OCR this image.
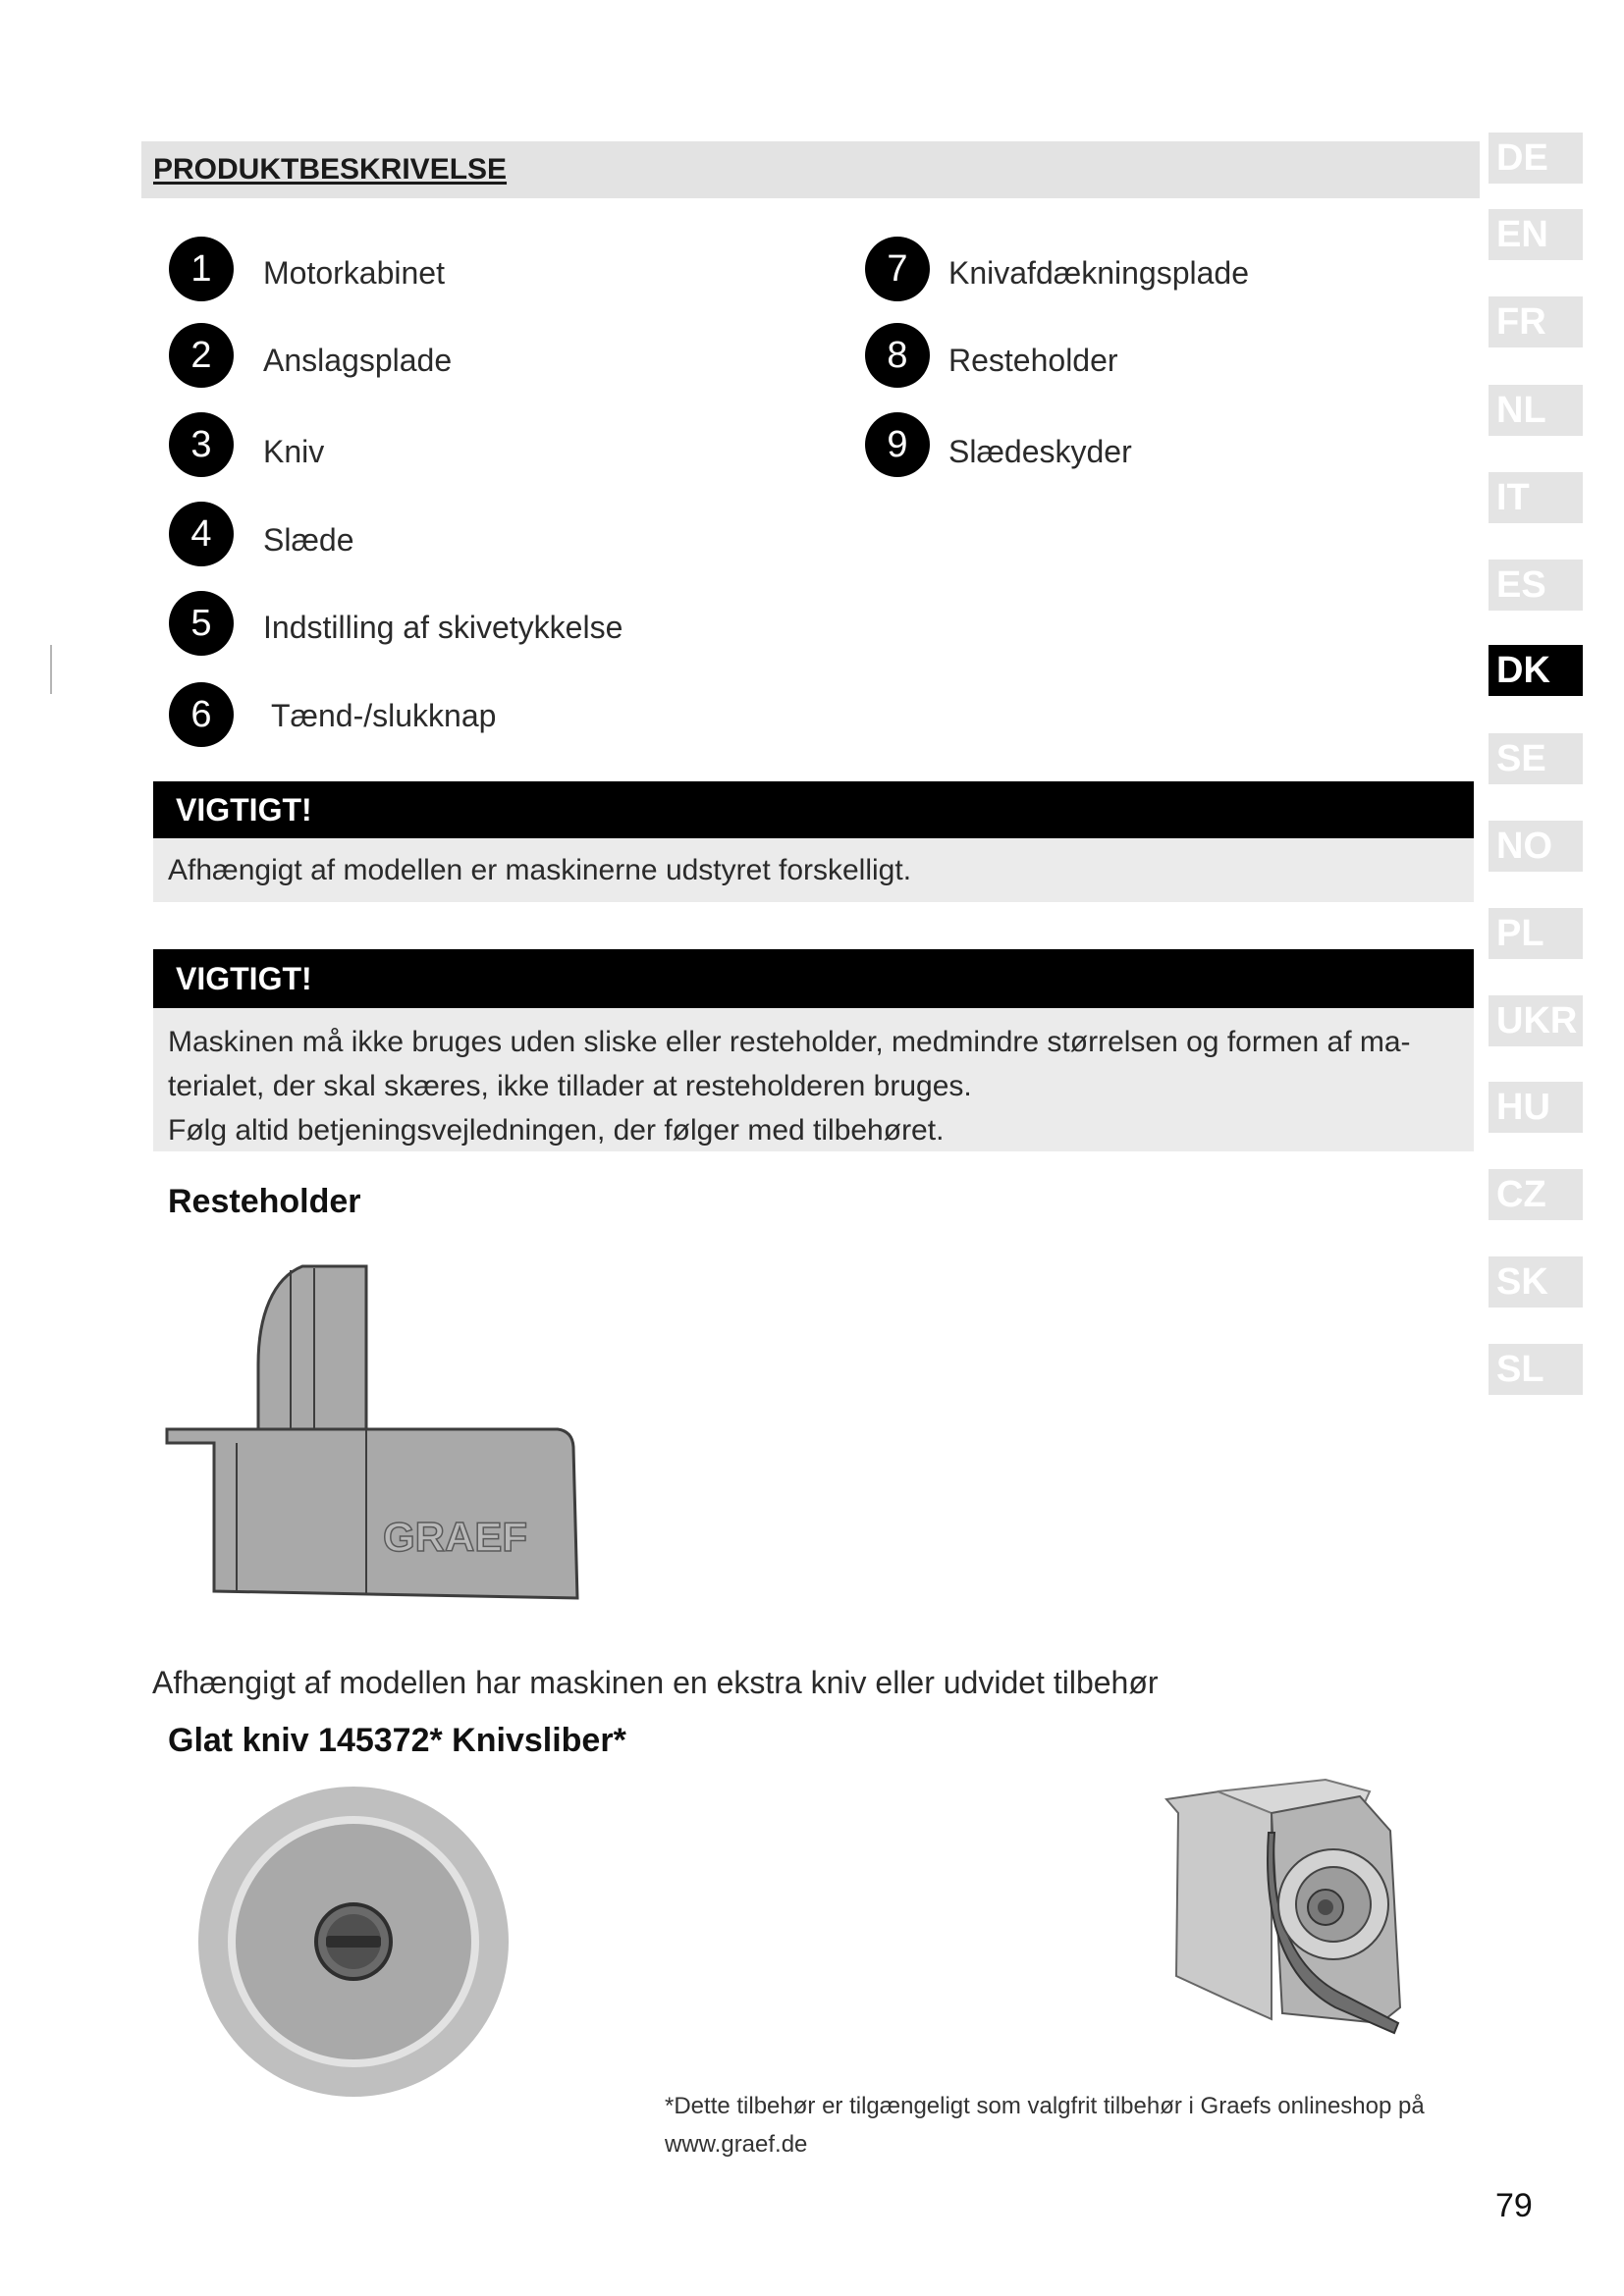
PRODUKTBESKRIVELSE	DE
EN
FR
NL
IT
ES
DK
SE
NO
PL
UKR
HU
CZ
SK
SL
1	Motorkabinet
2	Anslagsplade
3	Kniv
4	Slæde
5	Indstilling af skivetykkelse
6	Tænd-/slukknap
7	Knivafdækningsplade
8	Resteholder
9	Slædeskyder
VIGTIGT!
Afhængigt af modellen er maskinerne udstyret forskelligt.
VIGTIGT!
Maskinen må ikke bruges uden sliske eller resteholder, medmindre størrelsen og formen af ma-
terialet, der skal skæres, ikke tillader at resteholderen bruges.
Følg altid betjeningsvejledningen, der følger med tilbehøret.
Resteholder
GRAEF
Afhængigt af modellen har maskinen en ekstra kniv eller udvidet tilbehør
Glat kniv 145372* Knivsliber*
*Dette tilbehør er tilgængeligt som valgfrit tilbehør i Graefs onlineshop på
www.graef.de
79
